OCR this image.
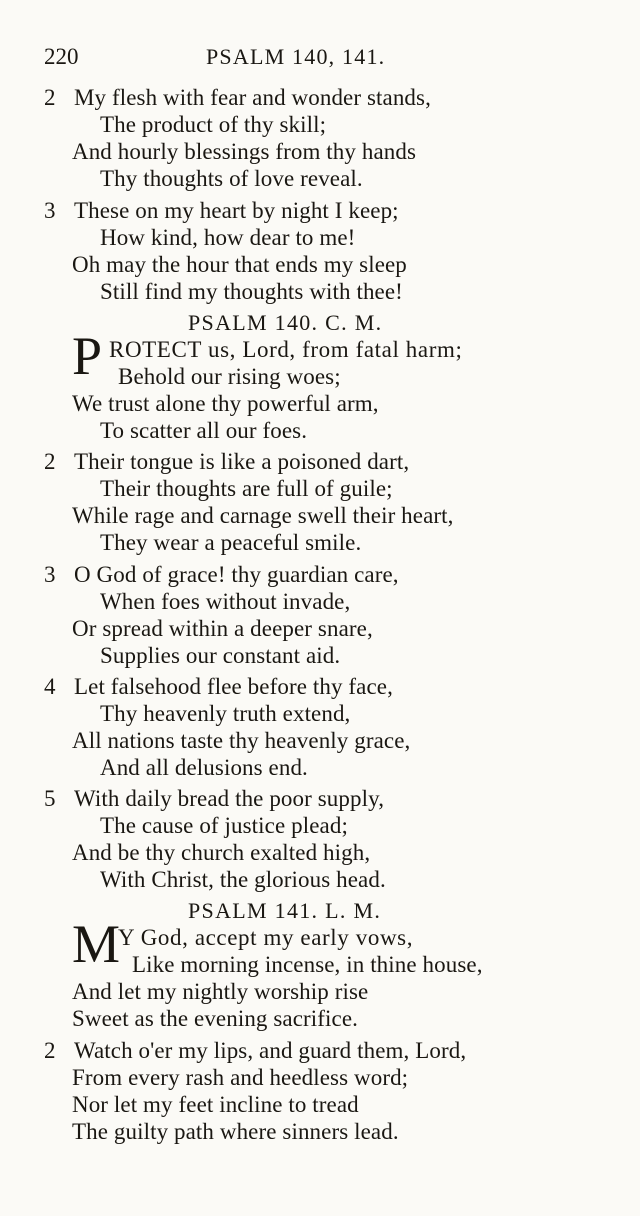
220	PSALM 140, 141.
2 My flesh with fear and wonder stands,
The product of thy skill;
And hourly blessings from thy hands
Thy thoughts of love reveal.
3 These on my heart by night I keep;
How kind, how dear to me!
Oh may the hour that ends my sleep
Still find my thoughts with thee!
PSALM 140. C. M.
P ROTECT us, Lord, from fatal harm;
Behold our rising woes;
We trust alone thy powerful arm,
To scatter all our foes.
2 Their tongue is like a poisoned dart,
Their thoughts are full of guile;
While rage and carnage swell their heart,
They wear a peaceful smile.
3 O God of grace! thy guardian care,
When foes without invade,
Or spread within a deeper snare,
Supplies our constant aid.
4 Let falsehood flee before thy face,
Thy heavenly truth extend,
All nations taste thy heavenly grace,
And all delusions end.
5 With daily bread the poor supply,
The cause of justice plead;
And be thy church exalted high,
With Christ, the glorious head.
PSALM 141. L. M.
M
Y God, accept my early vows,
Like morning incense, in thine house,
And let my nightly worship rise
Sweet as the evening sacrifice.
2 Watch o'er my lips, and guard them, Lord,
From every rash and heedless word;
Nor let my feet incline to tread
The guilty path where sinners lead.
